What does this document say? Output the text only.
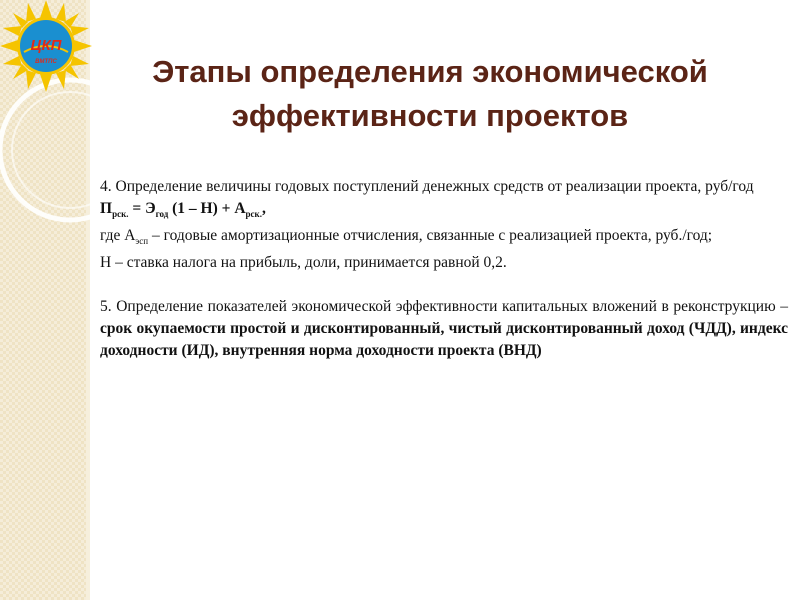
ЦКП
ВМТПС	Этапы определения экономической
эффективности проектов

4. Определение величины годовых поступлений денежных средств от реализации проекта, руб/год

$П_{рск.} = Э_{год}$ $(1 - Н) + А_{рск.}$,

где $А_{эсп}$ – годовые амортизационные отчисления, связанные с реализацией проекта, руб./год;

Н – ставка налога на прибыль, доли, принимается равной 0,2.

5. Определение показателей экономической эффективности капитальных вложений в реконструкцию – срок окупаемости простой и дисконтированный, чистый дисконтированный доход (ЧДД), индекс доходности (ИД), внутренняя норма доходности проекта (ВНД)
